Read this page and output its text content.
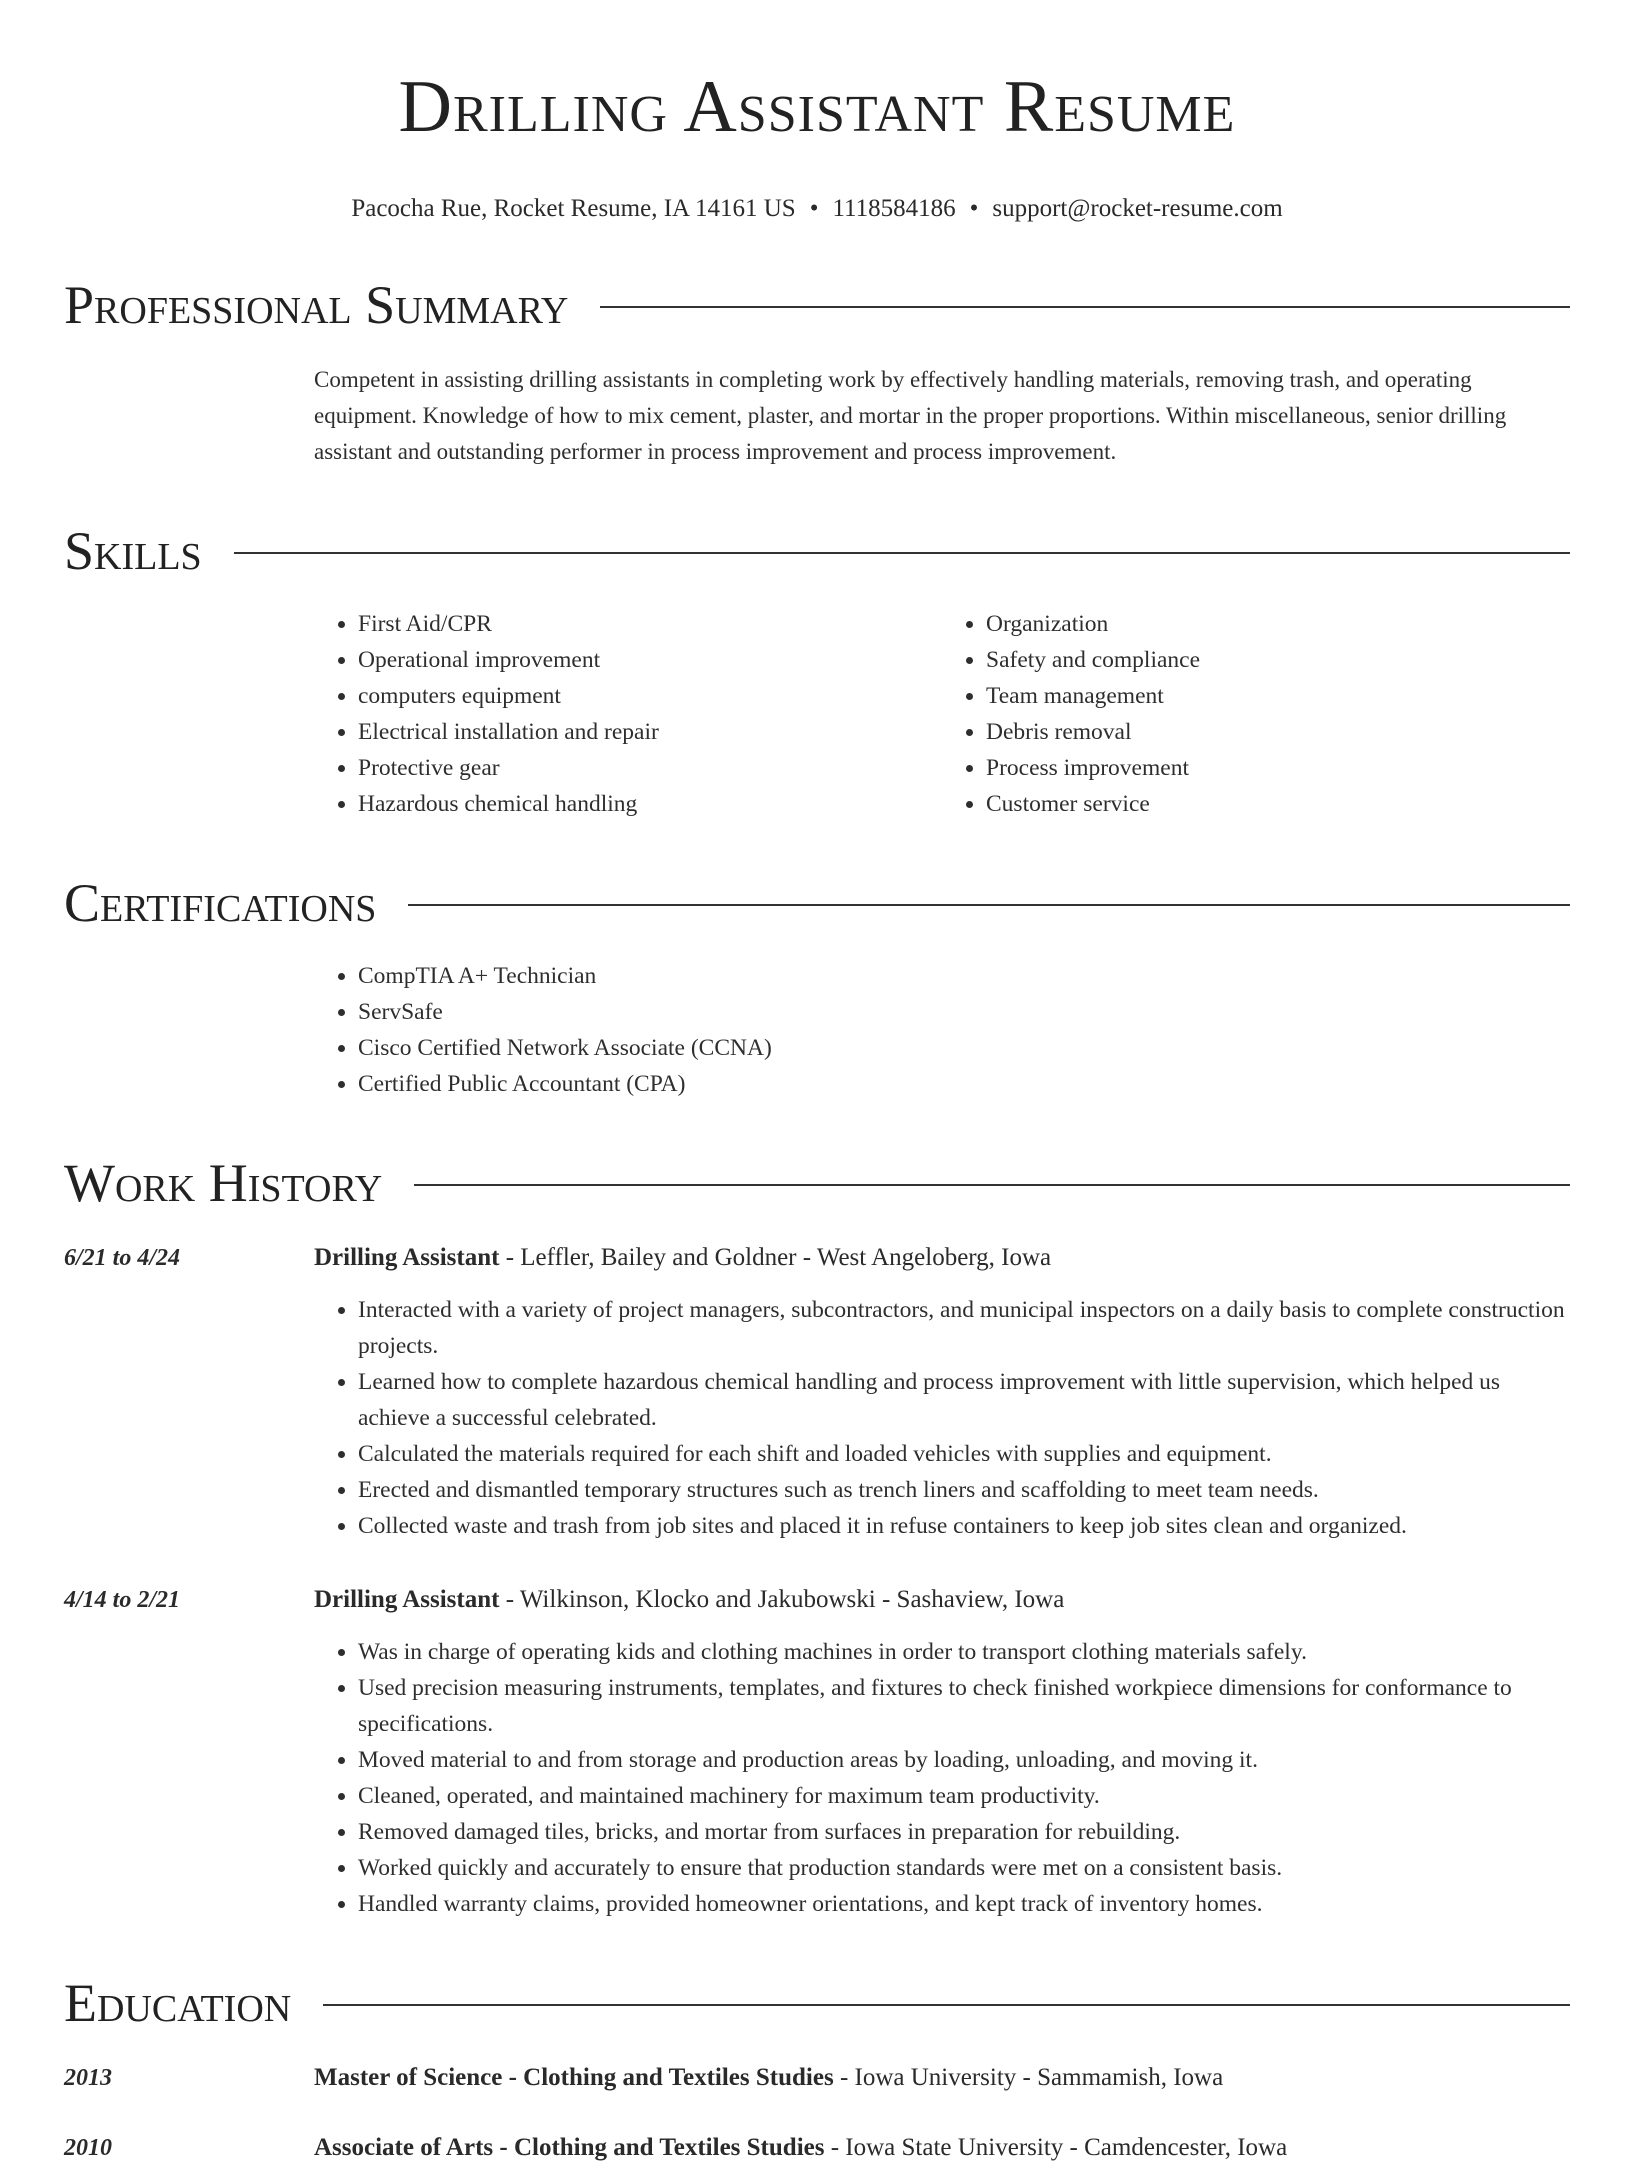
Drilling Assistant Resume
Pacocha Rue, Rocket Resume, IA 14161 US • 1118584186 • support@rocket-resume.com
Professional Summary
Competent in assisting drilling assistants in completing work by effectively handling materials, removing trash, and operating equipment. Knowledge of how to mix cement, plaster, and mortar in the proper proportions. Within miscellaneous, senior drilling assistant and outstanding performer in process improvement and process improvement.
Skills
• First Aid/CPR
• Operational improvement
• computers equipment
• Electrical installation and repair
• Protective gear
• Hazardous chemical handling
• Organization
• Safety and compliance
• Team management
• Debris removal
• Process improvement
• Customer service
Certifications
• CompTIA A+ Technician
• ServSafe
• Cisco Certified Network Associate (CCNA)
• Certified Public Accountant (CPA)
Work History
6/21 to 4/24	Drilling Assistant - Leffler, Bailey and Goldner - West Angeloberg, Iowa
• Interacted with a variety of project managers, subcontractors, and municipal inspectors on a daily basis to complete construction projects.
• Learned how to complete hazardous chemical handling and process improvement with little supervision, which helped us achieve a successful celebrated.
• Calculated the materials required for each shift and loaded vehicles with supplies and equipment.
• Erected and dismantled temporary structures such as trench liners and scaffolding to meet team needs.
• Collected waste and trash from job sites and placed it in refuse containers to keep job sites clean and organized.
4/14 to 2/21	Drilling Assistant - Wilkinson, Klocko and Jakubowski - Sashaview, Iowa
• Was in charge of operating kids and clothing machines in order to transport clothing materials safely.
• Used precision measuring instruments, templates, and fixtures to check finished workpiece dimensions for conformance to specifications.
• Moved material to and from storage and production areas by loading, unloading, and moving it.
• Cleaned, operated, and maintained machinery for maximum team productivity.
• Removed damaged tiles, bricks, and mortar from surfaces in preparation for rebuilding.
• Worked quickly and accurately to ensure that production standards were met on a consistent basis.
• Handled warranty claims, provided homeowner orientations, and kept track of inventory homes.
Education
2013	Master of Science - Clothing and Textiles Studies - Iowa University - Sammamish, Iowa
2010	Associate of Arts - Clothing and Textiles Studies - Iowa State University - Camdencester, Iowa
